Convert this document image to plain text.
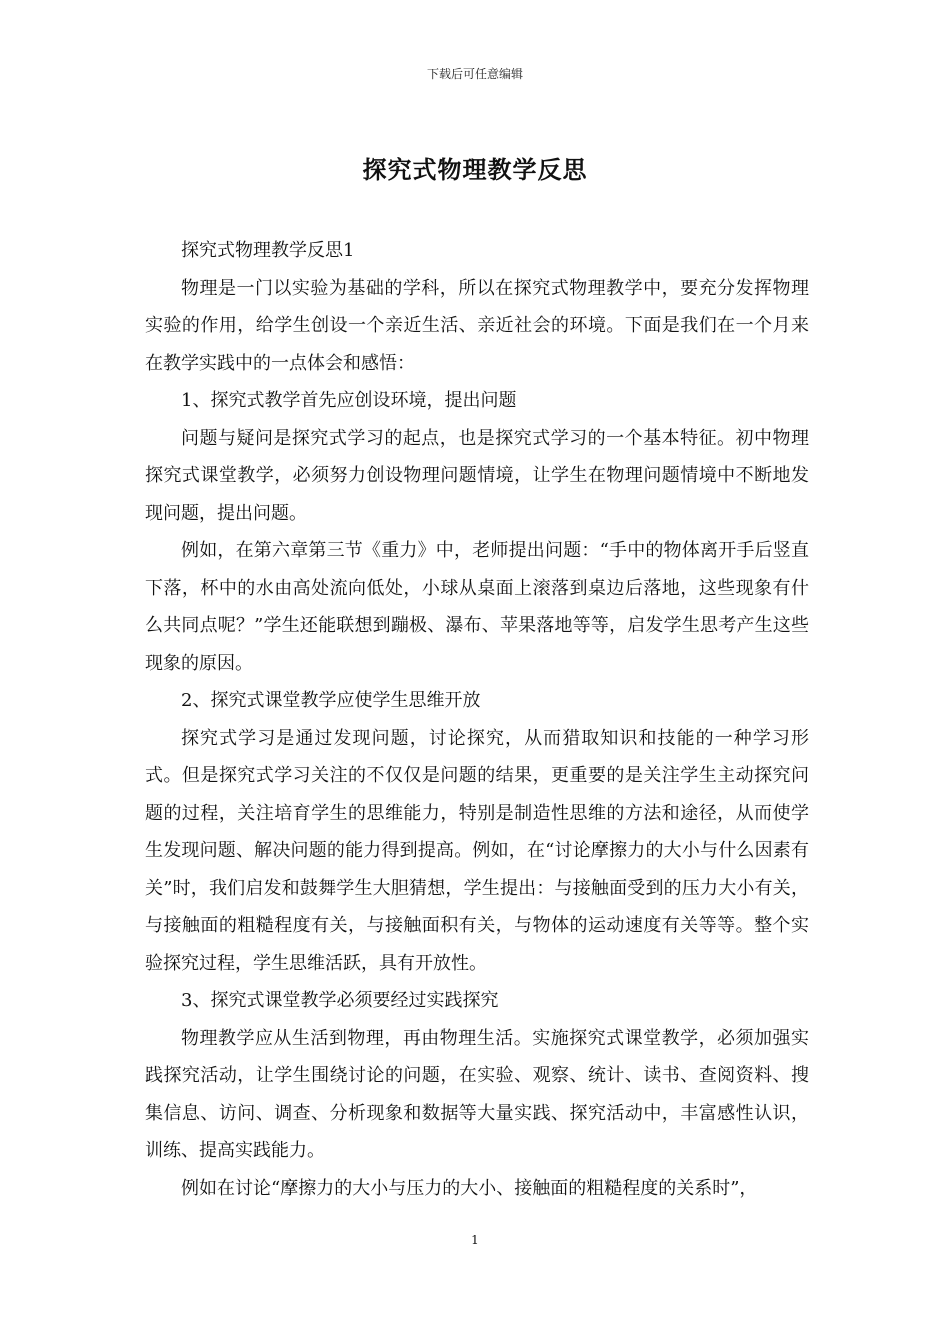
下载后可任意编辑
探究式物理教学反思

探究式物理教学反思1

物理是一门以实验为基础的学科，所以在探究式物理教学中，要充分发挥物理实验的作用，给学生创设一个亲近生活、亲近社会的环境。下面是我们在一个月来在教学实践中的一点体会和感悟：

1、探究式教学首先应创设环境，提出问题

问题与疑问是探究式学习的起点，也是探究式学习的一个基本特征。初中物理探究式课堂教学，必须努力创设物理问题情境，让学生在物理问题情境中不断地发现问题，提出问题。

例如，在第六章第三节《重力》中，老师提出问题：“手中的物体离开手后竖直下落，杯中的水由高处流向低处，小球从桌面上滚落到桌边后落地，这些现象有什么共同点呢？”学生还能联想到蹦极、瀑布、苹果落地等等，启发学生思考产生这些现象的原因。

2、探究式课堂教学应使学生思维开放

探究式学习是通过发现问题，讨论探究，从而猎取知识和技能的一种学习形式。但是探究式学习关注的不仅仅是问题的结果，更重要的是关注学生主动探究问题的过程，关注培育学生的思维能力，特别是制造性思维的方法和途径，从而使学生发现问题、解决问题的能力得到提高。例如，在“讨论摩擦力的大小与什么因素有关”时，我们启发和鼓舞学生大胆猜想，学生提出：与接触面受到的压力大小有关，与接触面的粗糙程度有关，与接触面积有关，与物体的运动速度有关等等。整个实验探究过程，学生思维活跃，具有开放性。

3、探究式课堂教学必须要经过实践探究

物理教学应从生活到物理，再由物理生活。实施探究式课堂教学，必须加强实践探究活动，让学生围绕讨论的问题，在实验、观察、统计、读书、查阅资料、搜集信息、访问、调查、分析现象和数据等大量实践、探究活动中，丰富感性认识，训练、提高实践能力。

例如在讨论“摩擦力的大小与压力的大小、接触面的粗糙程度的关系时”，

1
